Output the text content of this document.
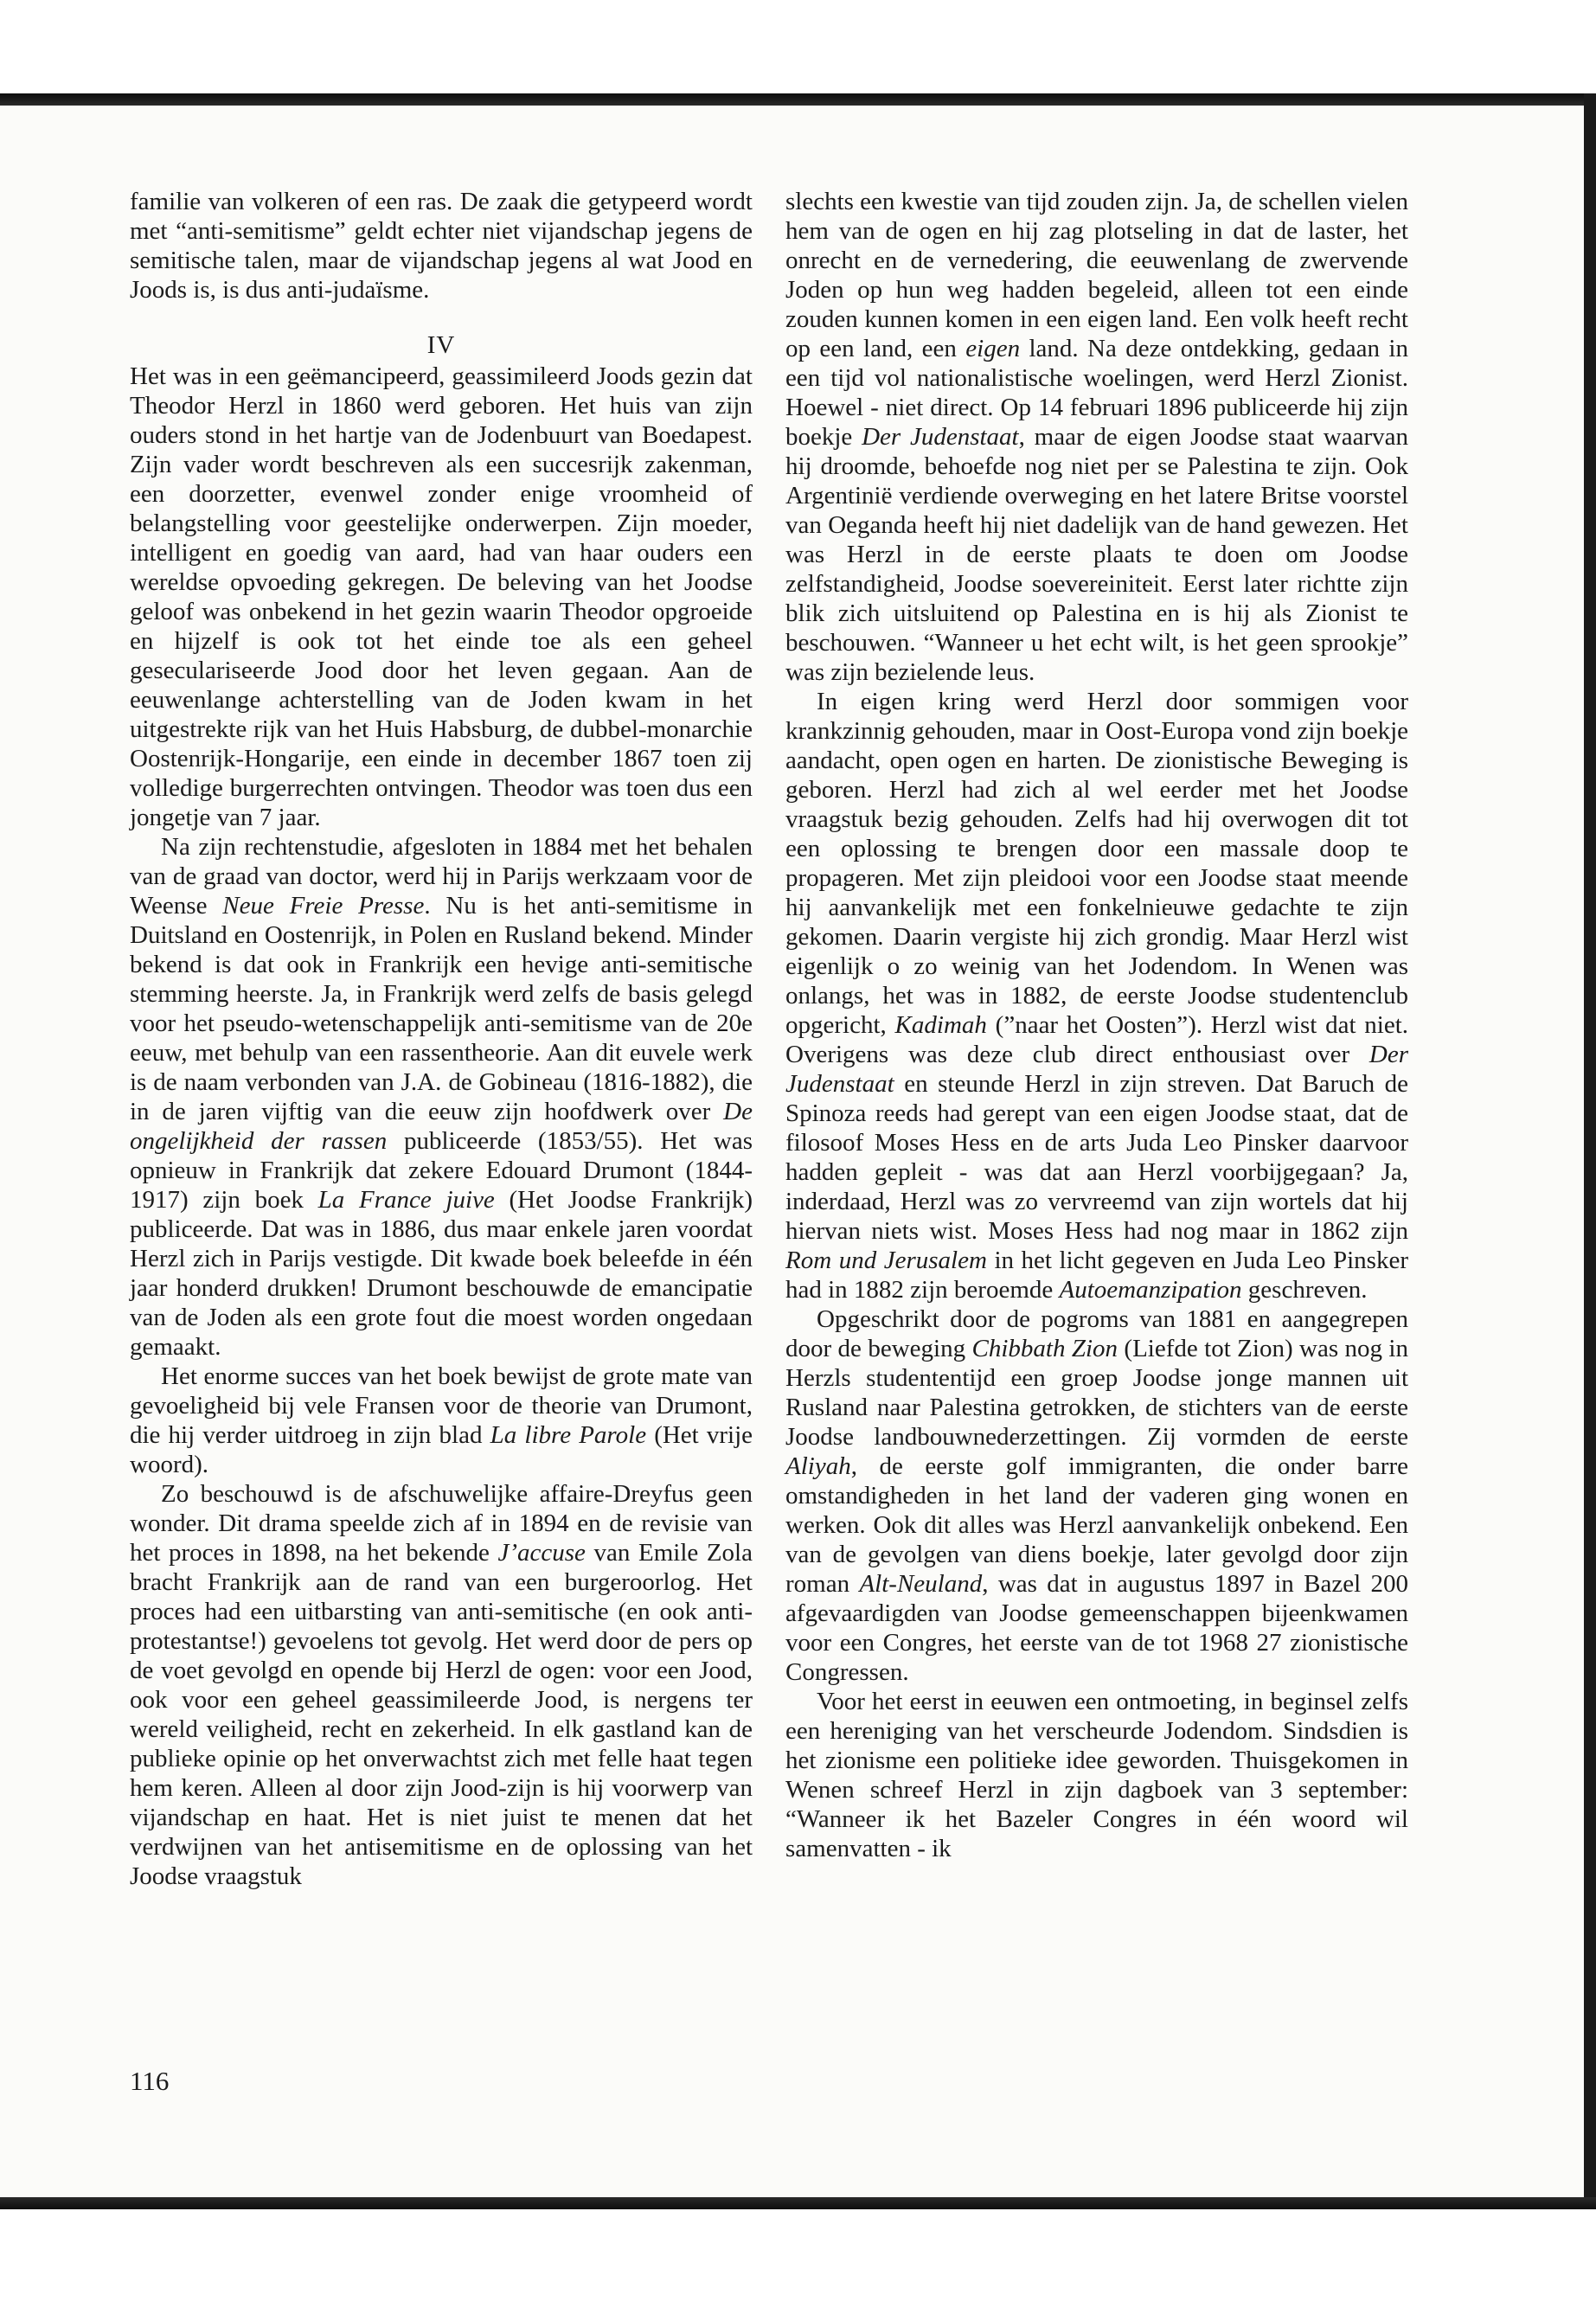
familie van volkeren of een ras. De zaak die getypeerd wordt met “anti-semitisme” geldt echter niet vijandschap jegens de semitische talen, maar de vijandschap jegens al wat Jood en Joods is, is dus anti-judaïsme.

IV

Het was in een geëmancipeerd, geassimileerd Joods gezin dat Theodor Herzl in 1860 werd geboren. Het huis van zijn ouders stond in het hartje van de Jodenbuurt van Boedapest. Zijn vader wordt beschreven als een succesrijk zakenman, een doorzetter, evenwel zonder enige vroomheid of belangstelling voor geestelijke onderwerpen. Zijn moeder, intelligent en goedig van aard, had van haar ouders een wereldse opvoeding gekregen. De beleving van het Joodse geloof was onbekend in het gezin waarin Theodor opgroeide en hijzelf is ook tot het einde toe als een geheel geseculariseerde Jood door het leven gegaan. Aan de eeuwenlange achterstelling van de Joden kwam in het uitgestrekte rijk van het Huis Habsburg, de dubbel-monarchie Oostenrijk-Hongarije, een einde in december 1867 toen zij volledige burgerrechten ontvingen. Theodor was toen dus een jongetje van 7 jaar.

Na zijn rechtenstudie, afgesloten in 1884 met het behalen van de graad van doctor, werd hij in Parijs werkzaam voor de Weense Neue Freie Presse. Nu is het anti-semitisme in Duitsland en Oostenrijk, in Polen en Rusland bekend. Minder bekend is dat ook in Frankrijk een hevige anti-semitische stemming heerste. Ja, in Frankrijk werd zelfs de basis gelegd voor het pseudo-wetenschappelijk anti-semitisme van de 20e eeuw, met behulp van een rassentheorie. Aan dit euvele werk is de naam verbonden van J.A. de Gobineau (1816-1882), die in de jaren vijftig van die eeuw zijn hoofdwerk over De ongelijkheid der rassen publiceerde (1853/55). Het was opnieuw in Frankrijk dat zekere Edouard Drumont (1844-1917) zijn boek La France juive (Het Joodse Frankrijk) publiceerde. Dat was in 1886, dus maar enkele jaren voordat Herzl zich in Parijs vestigde. Dit kwade boek beleefde in één jaar honderd drukken! Drumont beschouwde de emancipatie van de Joden als een grote fout die moest worden ongedaan gemaakt.

Het enorme succes van het boek bewijst de grote mate van gevoeligheid bij vele Fransen voor de theorie van Drumont, die hij verder uitdroeg in zijn blad La libre Parole (Het vrije woord).

Zo beschouwd is de afschuwelijke affaire-Dreyfus geen wonder. Dit drama speelde zich af in 1894 en de revisie van het proces in 1898, na het bekende J’accuse van Emile Zola bracht Frankrijk aan de rand van een burgeroorlog. Het proces had een uitbarsting van anti-semitische (en ook anti-protestantse!) gevoelens tot gevolg. Het werd door de pers op de voet gevolgd en opende bij Herzl de ogen: voor een Jood, ook voor een geheel geassimileerde Jood, is nergens ter wereld veiligheid, recht en zekerheid. In elk gastland kan de publieke opinie op het onverwachtst zich met felle haat tegen hem keren. Alleen al door zijn Jood-zijn is hij voorwerp van vijandschap en haat. Het is niet juist te menen dat het verdwijnen van het antisemitisme en de oplossing van het Joodse vraagstuk

slechts een kwestie van tijd zouden zijn. Ja, de schellen vielen hem van de ogen en hij zag plotseling in dat de laster, het onrecht en de vernedering, die eeuwenlang de zwervende Joden op hun weg hadden begeleid, alleen tot een einde zouden kunnen komen in een eigen land. Een volk heeft recht op een land, een eigen land. Na deze ontdekking, gedaan in een tijd vol nationalistische woelingen, werd Herzl Zionist. Hoewel - niet direct. Op 14 februari 1896 publiceerde hij zijn boekje Der Judenstaat, maar de eigen Joodse staat waarvan hij droomde, behoefde nog niet per se Palestina te zijn. Ook Argentinië verdiende overweging en het latere Britse voorstel van Oeganda heeft hij niet dadelijk van de hand gewezen. Het was Herzl in de eerste plaats te doen om Joodse zelfstandigheid, Joodse soevereiniteit. Eerst later richtte zijn blik zich uitsluitend op Palestina en is hij als Zionist te beschouwen. “Wanneer u het echt wilt, is het geen sprookje” was zijn bezielende leus.

In eigen kring werd Herzl door sommigen voor krankzinnig gehouden, maar in Oost-Europa vond zijn boekje aandacht, open ogen en harten. De zionistische Beweging is geboren. Herzl had zich al wel eerder met het Joodse vraagstuk bezig gehouden. Zelfs had hij overwogen dit tot een oplossing te brengen door een massale doop te propageren. Met zijn pleidooi voor een Joodse staat meende hij aanvankelijk met een fonkelnieuwe gedachte te zijn gekomen. Daarin vergiste hij zich grondig. Maar Herzl wist eigenlijk o zo weinig van het Jodendom. In Wenen was onlangs, het was in 1882, de eerste Joodse studentenclub opgericht, Kadimah (”naar het Oosten”). Herzl wist dat niet. Overigens was deze club direct enthousiast over Der Judenstaat en steunde Herzl in zijn streven. Dat Baruch de Spinoza reeds had gerept van een eigen Joodse staat, dat de filosoof Moses Hess en de arts Juda Leo Pinsker daarvoor hadden gepleit - was dat aan Herzl voorbijgegaan? Ja, inderdaad, Herzl was zo vervreemd van zijn wortels dat hij hiervan niets wist. Moses Hess had nog maar in 1862 zijn Rom und Jerusalem in het licht gegeven en Juda Leo Pinsker had in 1882 zijn beroemde Autoemanzipation geschreven.

Opgeschrikt door de pogroms van 1881 en aangegrepen door de beweging Chibbath Zion (Liefde tot Zion) was nog in Herzls studententijd een groep Joodse jonge mannen uit Rusland naar Palestina getrokken, de stichters van de eerste Joodse landbouwnederzettingen. Zij vormden de eerste Aliyah, de eerste golf immigranten, die onder barre omstandigheden in het land der vaderen ging wonen en werken. Ook dit alles was Herzl aanvankelijk onbekend. Een van de gevolgen van diens boekje, later gevolgd door zijn roman Alt-Neuland, was dat in augustus 1897 in Bazel 200 afgevaardigden van Joodse gemeenschappen bijeenkwamen voor een Congres, het eerste van de tot 1968 27 zionistische Congressen.

Voor het eerst in eeuwen een ontmoeting, in beginsel zelfs een hereniging van het verscheurde Jodendom. Sindsdien is het zionisme een politieke idee geworden. Thuisgekomen in Wenen schreef Herzl in zijn dagboek van 3 september: “Wanneer ik het Bazeler Congres in één woord wil samenvatten - ik

116
